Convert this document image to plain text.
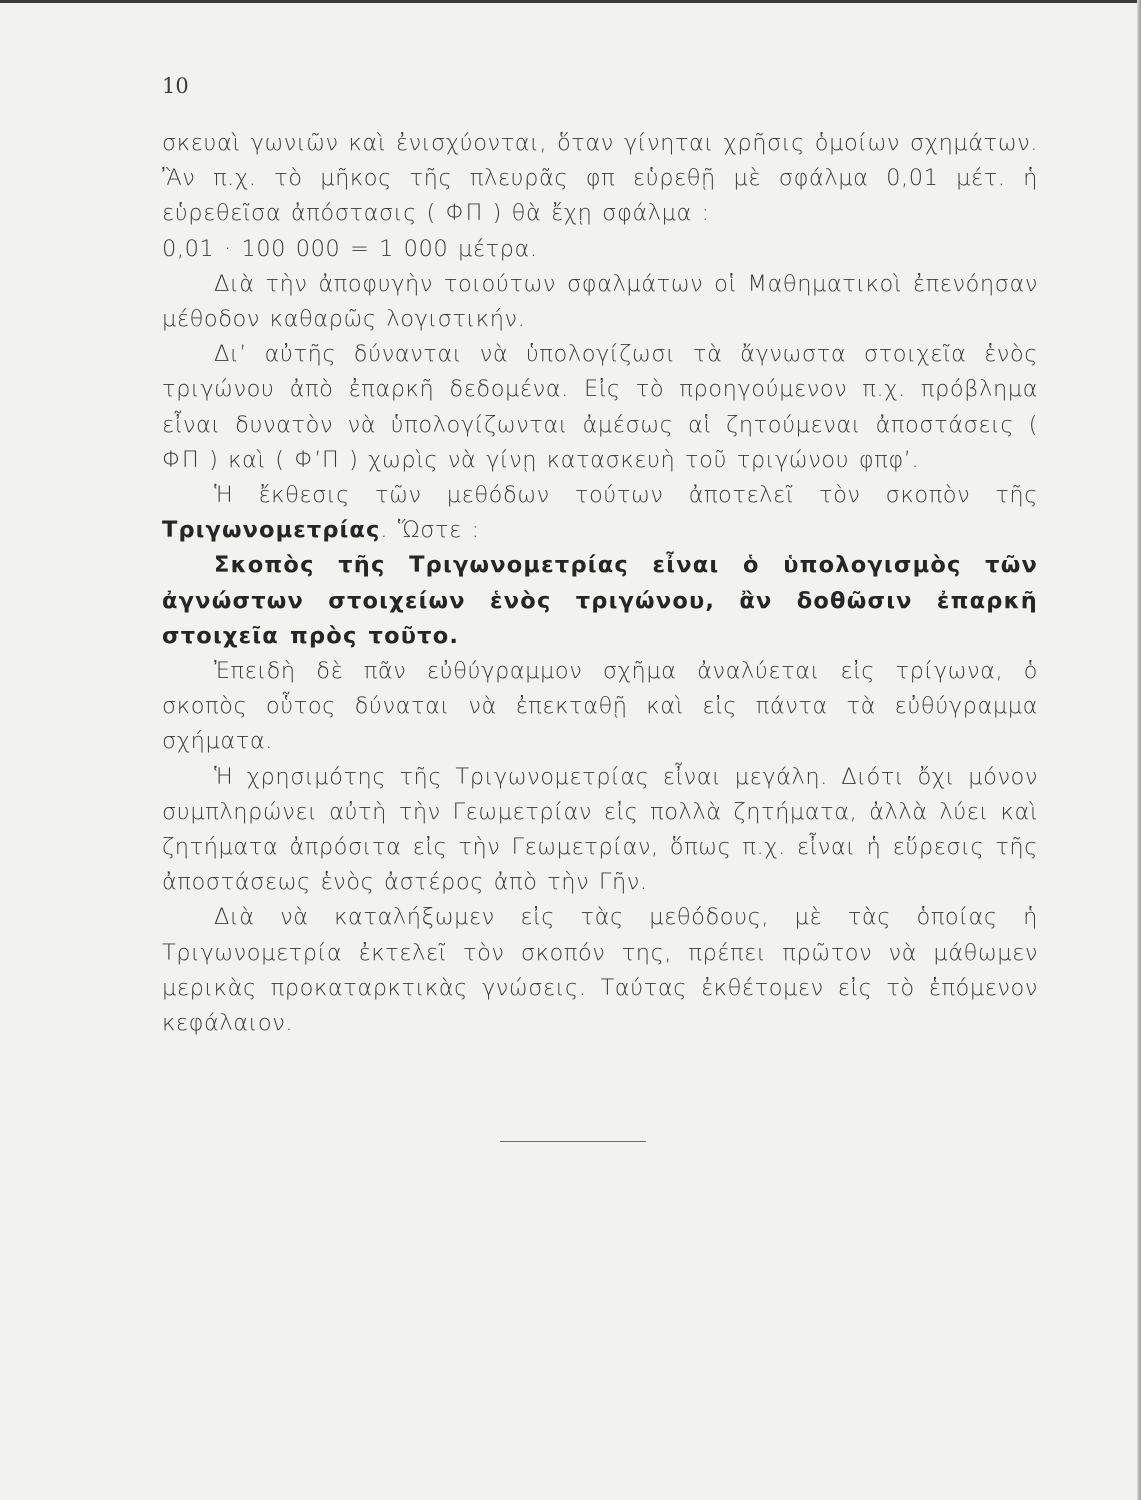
10

σκευαὶ γωνιῶν καὶ ἐνισχύονται, ὅταν γίνηται χρῆσις ὁμοίων σχημάτων. Ἂν π.χ. τὸ μῆκος τῆς πλευρᾶς φπ εὑρεθῇ μὲ σφάλμα 0,01 μέτ. ἡ εὑρεθεῖσα ἀπόστασις ( ΦΠ ) θὰ ἔχῃ σφάλμα :

0,01 · 100 000 = 1 000 μέτρα.

Διὰ τὴν ἀποφυγὴν τοιούτων σφαλμάτων οἱ Μαθηματικοὶ ἐπενόησαν μέθοδον καθαρῶς λογιστικήν.

Δι’ αὐτῆς δύνανται νὰ ὑπολογίζωσι τὰ ἄγνωστα στοιχεῖα ἑνὸς τριγώνου ἀπὸ ἐπαρκῆ δεδομένα. Εἰς τὸ προηγούμενον π.χ. πρόβλημα εἶναι δυνατὸν νὰ ὑπολογίζωνται ἀμέσως αἱ ζητούμεναι ἀποστάσεις ( ΦΠ ) καὶ ( Φ’Π ) χωρὶς νὰ γίνῃ κατασκευὴ τοῦ τριγώνου φπφ’.

Ἡ ἔκθεσις τῶν μεθόδων τούτων ἀποτελεῖ τὸν σκοπὸν τῆς Τριγωνομετρίας. Ὥστε :

Σκοπὸς τῆς Τριγωνομετρίας εἶναι ὁ ὑπολογισμὸς τῶν ἀγνώστων στοιχείων ἑνὸς τριγώνου, ἂν δοθῶσιν ἐπαρκῆ στοιχεῖα πρὸς τοῦτο.

Ἐπειδὴ δὲ πᾶν εὐθύγραμμον σχῆμα ἀναλύεται εἰς τρίγωνα, ὁ σκοπὸς οὗτος δύναται νὰ ἐπεκταθῇ καὶ εἰς πάντα τὰ εὐθύγραμμα σχήματα.

Ἡ χρησιμότης τῆς Τριγωνομετρίας εἶναι μεγάλη. Διότι ὄχι μόνον συμπληρώνει αὐτὴ τὴν Γεωμετρίαν εἰς πολλὰ ζητήματα, ἀλλὰ λύει καὶ ζητήματα ἀπρόσιτα εἰς τὴν Γεωμετρίαν, ὅπως π.χ. εἶναι ἡ εὕρεσις τῆς ἀποστάσεως ἑνὸς ἀστέρος ἀπὸ τὴν Γῆν.

Διὰ νὰ καταλήξωμεν εἰς τὰς μεθόδους, μὲ τὰς ὁποίας ἡ Τριγωνομετρία ἐκτελεῖ τὸν σκοπόν της, πρέπει πρῶτον νὰ μάθωμεν μερικὰς προκαταρκτικὰς γνώσεις. Ταύτας ἐκθέτομεν εἰς τὸ ἑπόμενον κεφάλαιον.
